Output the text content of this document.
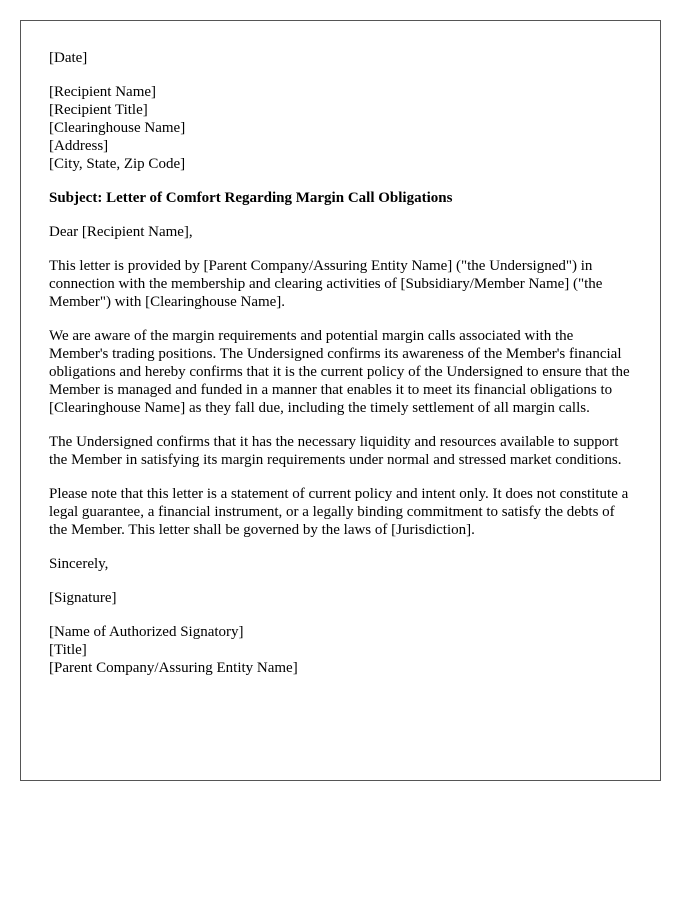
[Date]

[Recipient Name]
[Recipient Title]
[Clearinghouse Name]
[Address]
[City, State, Zip Code]

Subject: Letter of Comfort Regarding Margin Call Obligations

Dear [Recipient Name],

This letter is provided by [Parent Company/Assuring Entity Name] ("the Undersigned") in connection with the membership and clearing activities of [Subsidiary/Member Name] ("the Member") with [Clearinghouse Name].

We are aware of the margin requirements and potential margin calls associated with the Member's trading positions. The Undersigned confirms its awareness of the Member's financial obligations and hereby confirms that it is the current policy of the Undersigned to ensure that the Member is managed and funded in a manner that enables it to meet its financial obligations to [Clearinghouse Name] as they fall due, including the timely settlement of all margin calls.

The Undersigned confirms that it has the necessary liquidity and resources available to support the Member in satisfying its margin requirements under normal and stressed market conditions.

Please note that this letter is a statement of current policy and intent only. It does not constitute a legal guarantee, a financial instrument, or a legally binding commitment to satisfy the debts of the Member. This letter shall be governed by the laws of [Jurisdiction].

Sincerely,

[Signature]

[Name of Authorized Signatory]
[Title]
[Parent Company/Assuring Entity Name]
